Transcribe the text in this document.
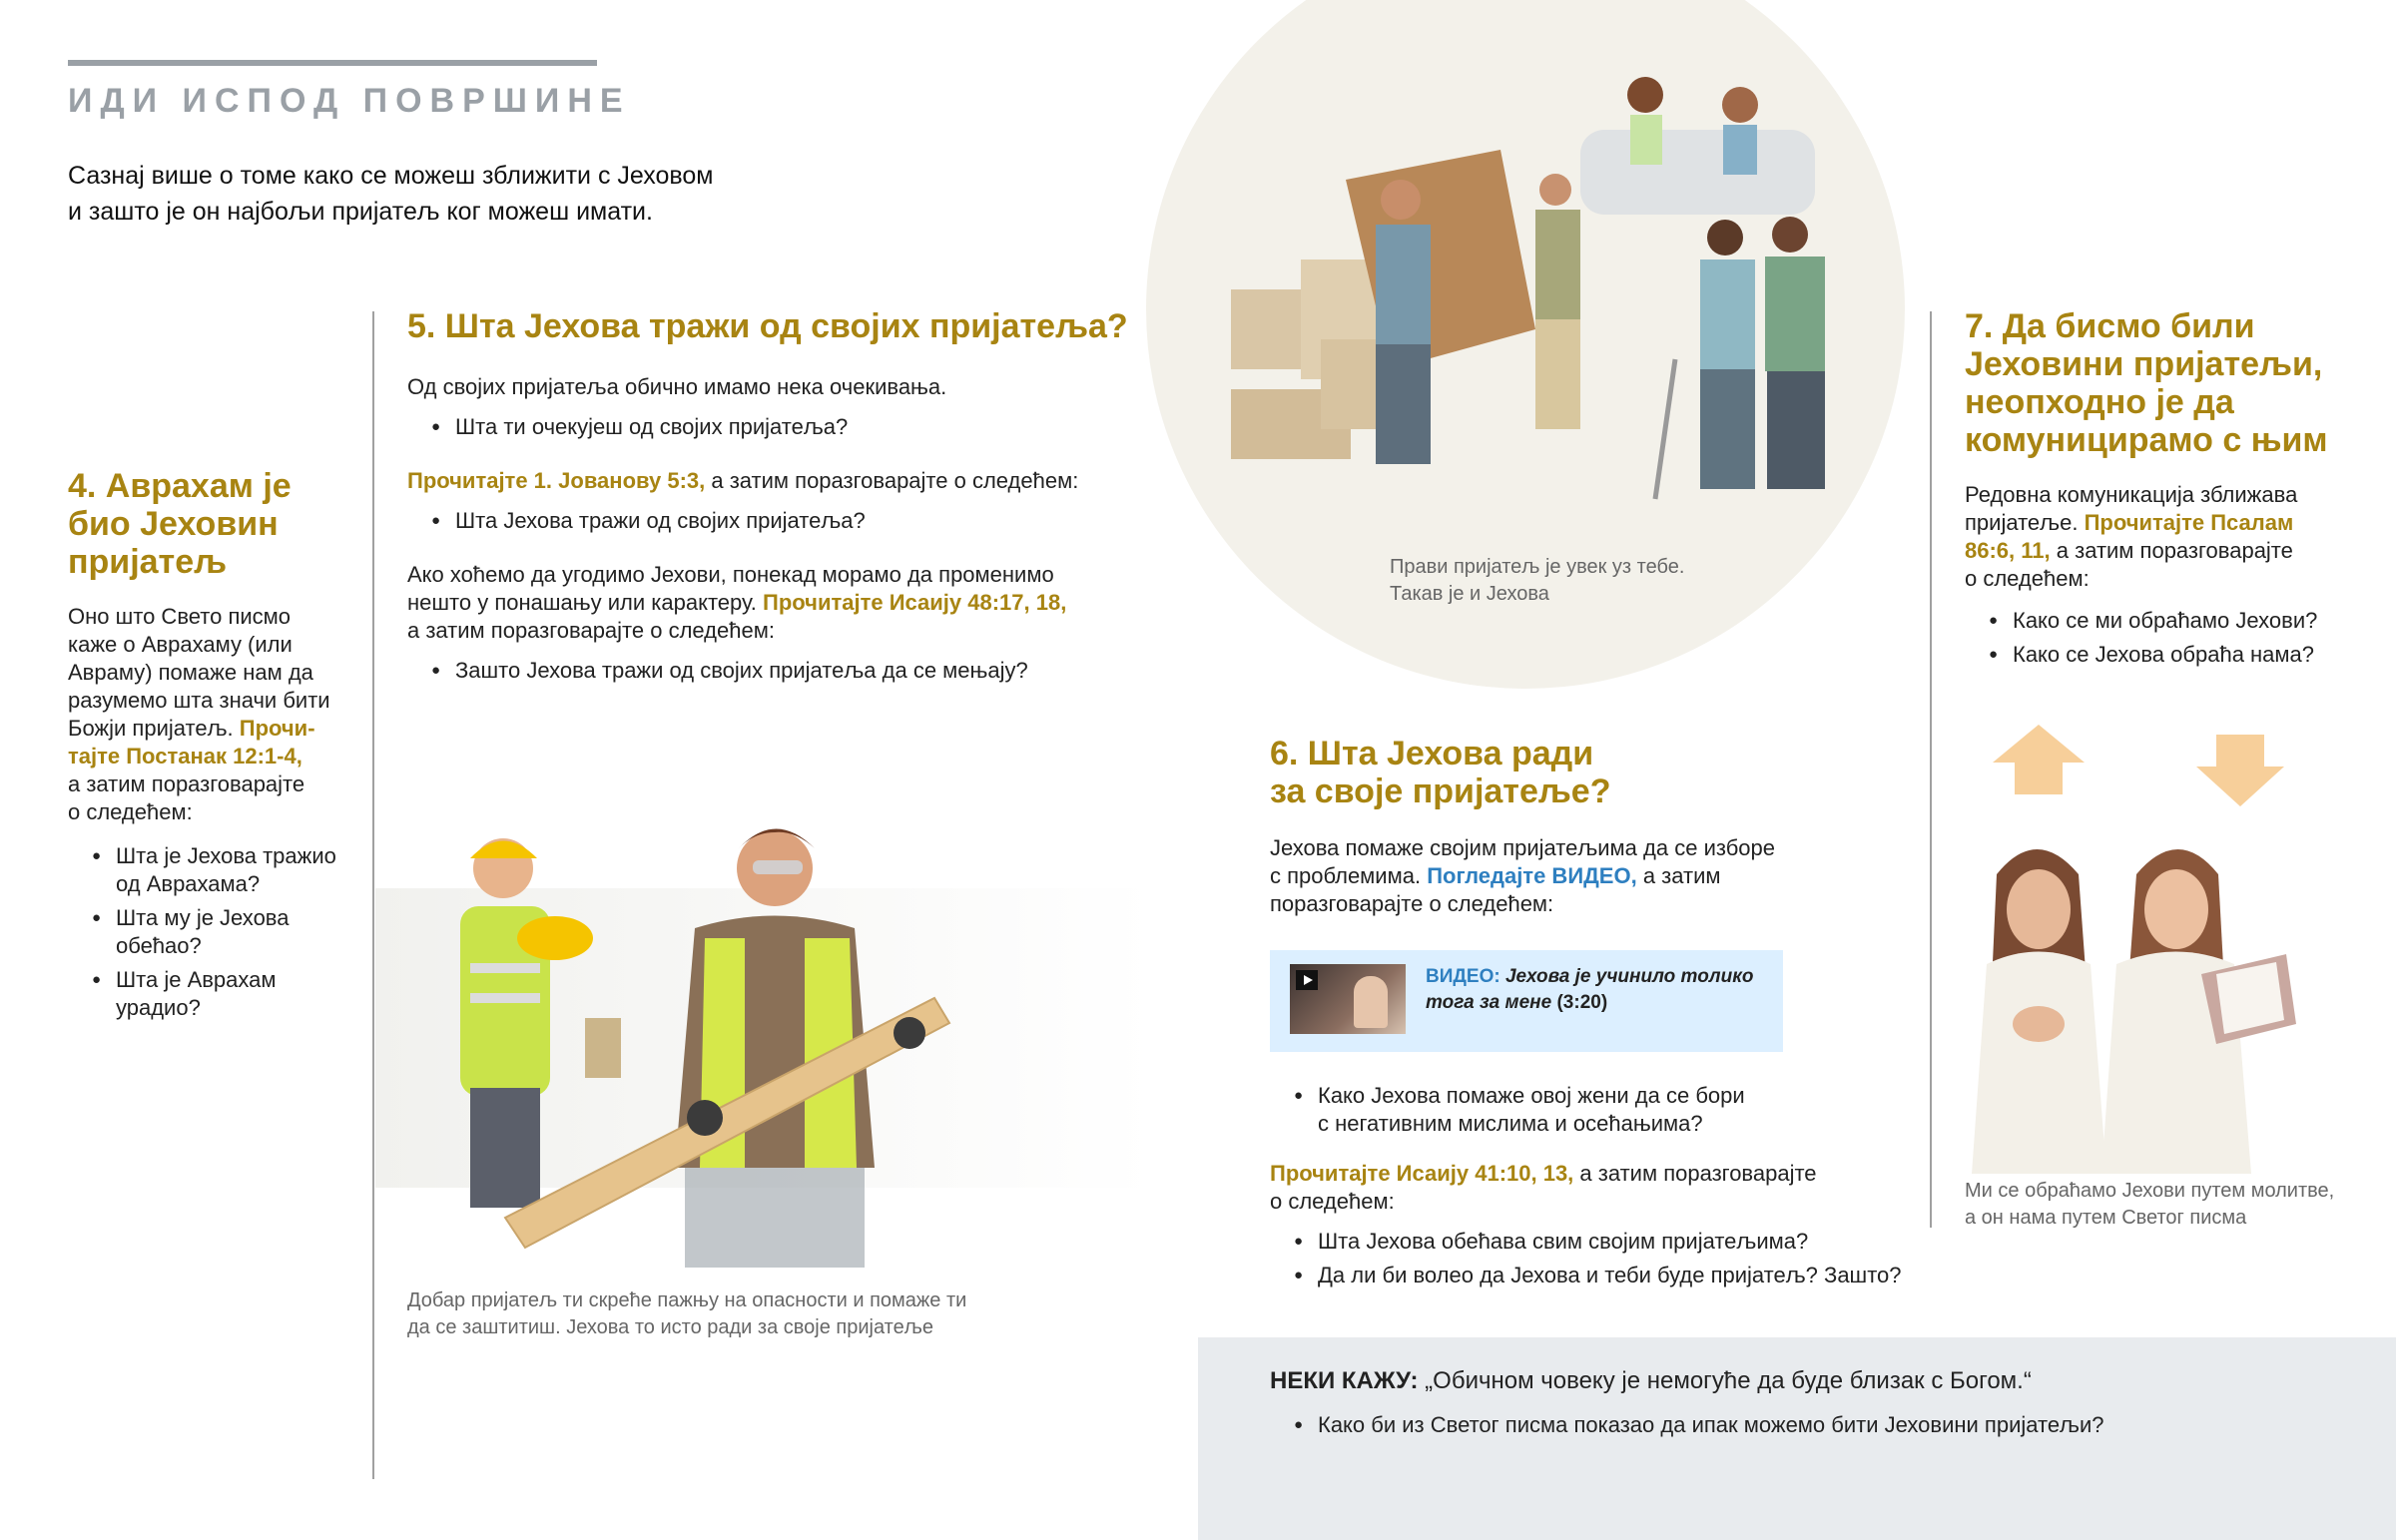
ИДИ ИСПОД ПОВРШИНЕ
Сазнај више о томе како се можеш зближити с Јеховом
и зашто је он најбољи пријатељ ког можеш имати.
4. Аврахам је
био Јеховин
пријатељ
Оно што Свето писмо
каже о Аврахаму (или
Авраму) помаже нам да
разумемо шта значи бити
Божји пријатељ. Прочи-
тајте Постанак 12:1-4,
а затим поразговарајте
о следећем:
● Шта је Јехова тражио
од Аврахама?
● Шта му је Јехова
обећао?
● Шта је Аврахам
урадио?
5. Шта Јехова тражи од својих пријатеља?
Од својих пријатеља обично имамо нека очекивања.
● Шта ти очекујеш од својих пријатеља?
Прочитајте 1. Јованову 5:3, а затим поразговарајте о следећем:
● Шта Јехова тражи од својих пријатеља?
Ако хоћемо да угодимо Јехови, понекад морамо да променимо
нешто у понашању или карактеру. Прочитајте Исаију 48:17, 18,
а затим поразговарајте о следећем:
● Зашто Јехова тражи од својих пријатеља да се мењају?
Добар пријатељ ти скреће пажњу на опасности и помаже ти
да се заштитиш. Јехова то исто ради за своје пријатеље
Прави пријатељ је увек уз тебе.
Такав је и Јехова
6. Шта Јехова ради
за своје пријатеље?
Јехова помаже својим пријатељима да се изборе
с проблемима. Погледајте ВИДЕО, а затим
поразговарајте о следећем:
ВИДЕО: Јехова је учинило толико
тога за мене (3:20)
● Како Јехова помаже овој жени да се бори
с негативним мислима и осећањима?
Прочитајте Исаију 41:10, 13, а затим поразговарајте
о следећем:
● Шта Јехова обећава свим својим пријатељима?
● Да ли би волео да Јехова и теби буде пријатељ? Зашто?
7. Да бисмо били
Јеховини пријатељи,
неопходно је да
комуницирамо с њим
Редовна комуникација зближава
пријатеље. Прочитајте Псалам
86:6, 11, а затим поразговарајте
о следећем:
● Како се ми обраћамо Јехови?
● Како се Јехова обраћа нама?
Ми се обраћамо Јехови путем молитве,
а он нама путем Светог писма
НЕКИ КАЖУ: „Обичном човеку је немогуће да буде близак с Богом.“
● Како би из Светог писма показао да ипак можемо бити Јеховини пријатељи?
